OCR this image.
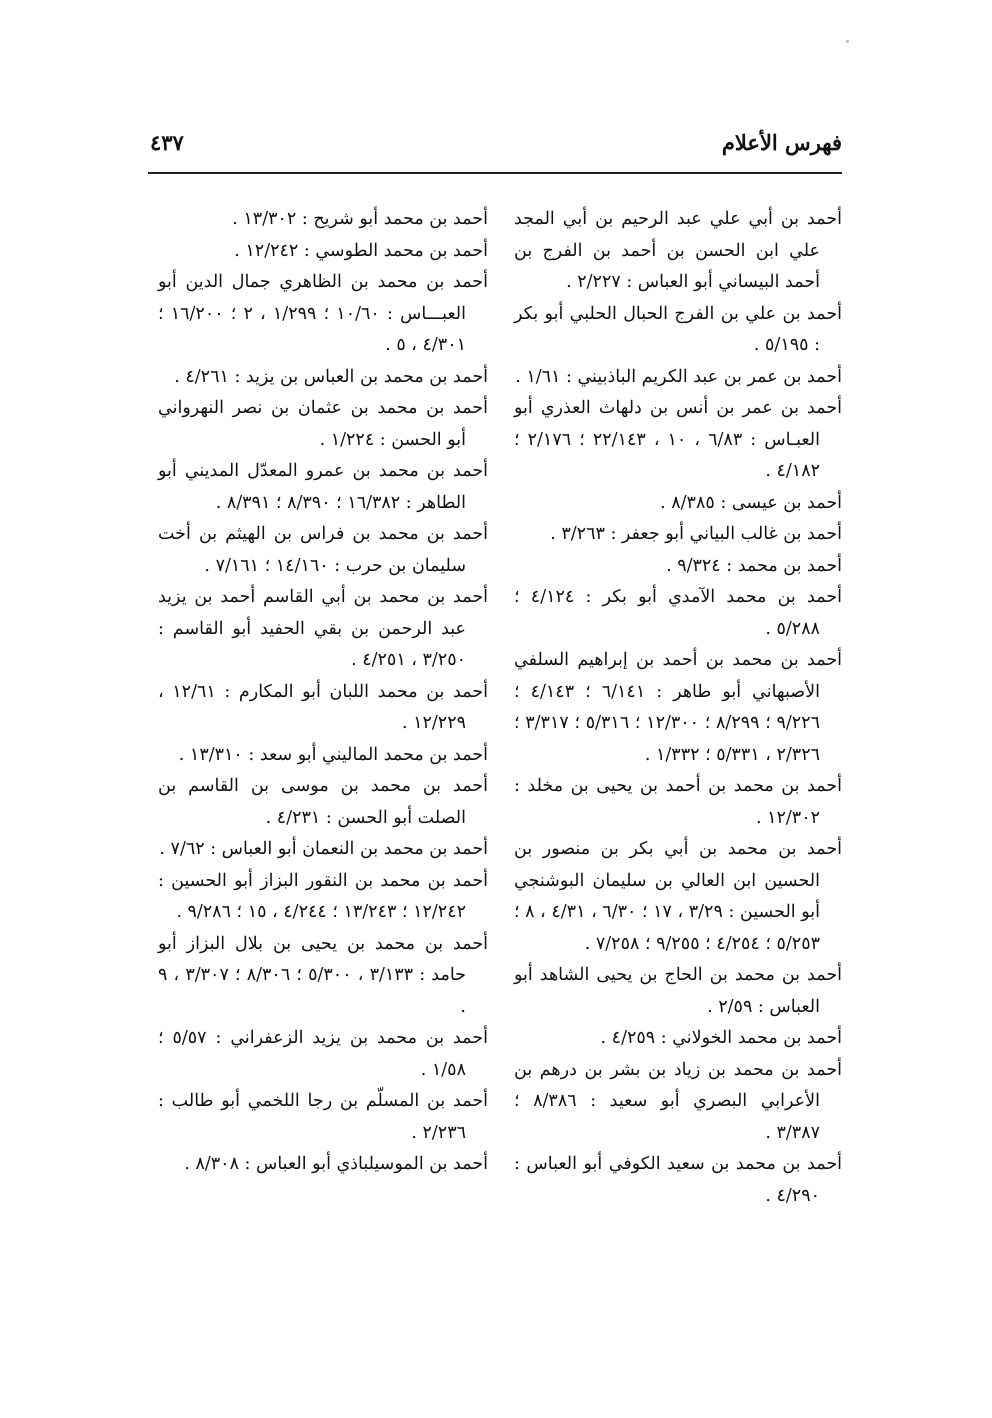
فهرس الأعلام
٤٣٧

أحمد بن أبي علي عبد الرحيم بن أبي المجد علي ابن الحسن بن أحمد بن الفرج بن أحمد البيساني أبو العباس : ٢/٢٢٧ .

أحمد بن علي بن الفرج الحبال الحلبي أبو بكر : ٥/١٩٥ .

أحمد بن عمر بن عبد الكريم الباذبيني : ١/٦١ .

أحمد بن عمر بن أنس بن دلهاث العذري أبو العبـاس : ٦/٨٣ ، ١٠ ، ٢٢/١٤٣ ؛ ٢/١٧٦ ؛ ٤/١٨٢ .

أحمد بن عيسى : ٨/٣٨٥ .

أحمد بن غالب البياني أبو جعفر : ٣/٢٦٣ .

أحمد بن محمد : ٩/٣٢٤ .

أحمد بن محمد الآمدي أبو بكر : ٤/١٢٤ ؛ ٥/٢٨٨ .

أحمد بن محمد بن أحمد بن إبراهيم السلفي الأصبهاني أبو طاهر : ٦/١٤١ ؛ ٤/١٤٣ ؛ ٩/٢٢٦ ؛ ٨/٢٩٩ ؛ ١٢/٣٠٠ ؛ ٥/٣١٦ ؛ ٣/٣١٧ ؛ ٢/٣٢٦ ، ٥/٣٣١ ؛ ١/٣٣٢ .

أحمد بن محمد بن أحمد بن يحيى بن مخلد : ١٢/٣٠٢ .

أحمد بن محمد بن أبي بكر بن منصور بن الحسين ابن العالي بن سليمان البوشنجي أبو الحسين : ٣/٢٩ ، ١٧ ؛ ٦/٣٠ ، ٤/٣١ ، ٨ ؛ ٥/٢٥٣ ؛ ٤/٢٥٤ ؛ ٩/٢٥٥ ؛ ٧/٢٥٨ .

أحمد بن محمد بن الحاج بن يحيى الشاهد أبو العباس : ٢/٥٩ .

أحمد بن محمد الخولاني : ٤/٢٥٩ .

أحمد بن محمد بن زياد بن بشر بن درهم بن الأعرابي البصري أبو سعيد : ٨/٣٨٦ ؛ ٣/٣٨٧ .

أحمد بن محمد بن سعيد الكوفي أبو العباس : ٤/٢٩٠ .

أحمد بن محمد أبو شريح : ١٣/٣٠٢ .

أحمد بن محمد الطوسي : ١٢/٢٤٢ .

أحمد بن محمد بن الظاهري جمال الدين أبو العبـــاس : ١٠/٦٠ ؛ ١/٢٩٩ ، ٢ ؛ ١٦/٢٠٠ ؛ ٤/٣٠١ ، ٥ .

أحمد بن محمد بن العباس بن يزيد : ٤/٢٦١ .

أحمد بن محمد بن عثمان بن نصر النهرواني أبو الحسن : ١/٢٢٤ .

أحمد بن محمد بن عمرو المعدّل المديني أبو الطاهر : ١٦/٣٨٢ ؛ ٨/٣٩٠ ؛ ٨/٣٩١ .

أحمد بن محمد بن فراس بن الهيثم بن أخت سليمان بن حرب : ١٤/١٦٠ ؛ ٧/١٦١ .

أحمد بن محمد بن أبي القاسم أحمد بن يزيد عبد الرحمن بن بقي الحفيد أبو القاسم : ٣/٢٥٠ ، ٤/٢٥١ .

أحمد بن محمد اللبان أبو المكارم : ١٢/٦١ ، ١٢/٢٢٩ .

أحمد بن محمد الماليني أبو سعد : ١٣/٣١٠ .

أحمد بن محمد بن موسى بن القاسم بن الصلت أبو الحسن : ٤/٢٣١ .

أحمد بن محمد بن النعمان أبو العباس : ٧/٦٢ .

أحمد بن محمد بن النقور البزاز أبو الحسين : ١٢/٢٤٢ ؛ ١٣/٢٤٣ ؛ ٤/٢٤٤ ، ١٥ ؛ ٩/٢٨٦ .

أحمد بن محمد بن يحيى بن بلال البزاز أبو حامد : ٣/١٣٣ ، ٥/٣٠٠ ؛ ٨/٣٠٦ ؛ ٣/٣٠٧ ، ٩ .

أحمد بن محمد بن يزيد الزعفراني : ٥/٥٧ ؛ ١/٥٨ .

أحمد بن المسلّم بن رجا اللخمي أبو طالب : ٢/٢٣٦ .

أحمد بن الموسيلباذي أبو العباس : ٨/٣٠٨ .
